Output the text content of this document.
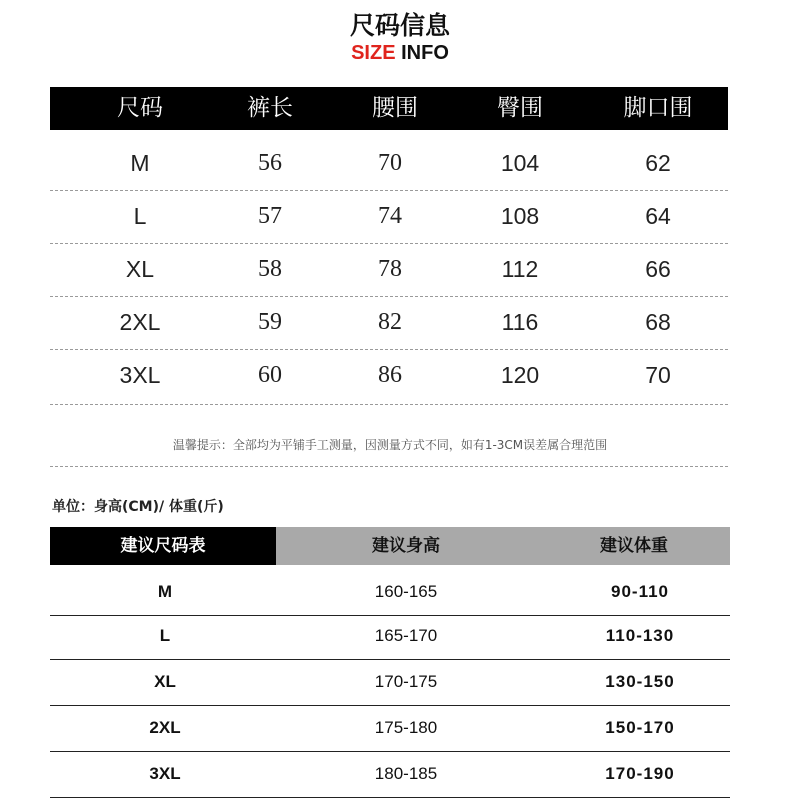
尺码信息
SIZE INFO
尺码	裤长	腰围	臀围	脚口围
M	56	70	104	62
L	57	74	108	64
XL	58	78	112	66
2XL	59	82	116	68
3XL	60	86	120	70
温馨提示：全部均为平铺手工测量，因测量方式不同，如有1-3CM误差属合理范围
单位：身高(CM)/ 体重(斤)
建议尺码表	建议身高	建议体重
M	160-165	90-110
L	165-170	110-130
XL	170-175	130-150
2XL	175-180	150-170
3XL	180-185	170-190
